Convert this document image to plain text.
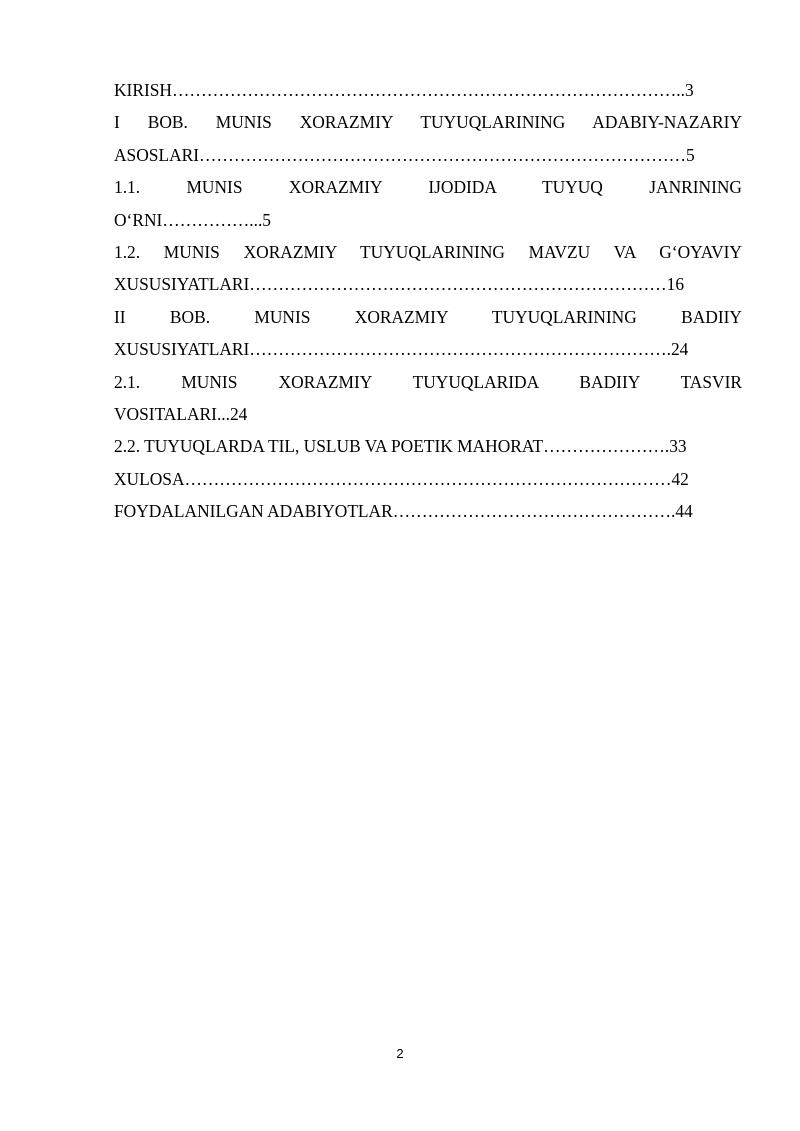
KIRISH……………………………………………………………………………..3
I BOB. MUNIS XORAZMIY TUYUQLARINING ADABIY-NAZARIY
ASOSLARI…………………………………………………………………………5
1.1. MUNIS XORAZMIY IJODIDA TUYUQ JANRINING
O‘RNI……………...5
1.2. MUNIS XORAZMIY TUYUQLARINING MAVZU VA G‘OYAVIY
XUSUSIYATLARI………………………………………………………………16
II BOB. MUNIS XORAZMIY TUYUQLARINING BADIIY
XUSUSIYATLARI……………………………………………………………….24
2.1. MUNIS XORAZMIY TUYUQLARIDA BADIIY TASVIR
VOSITALARI...24
2.2. TUYUQLARDA TIL, USLUB VA POETIK MAHORAT………………….33
XULOSA…………………………………………………………………………42
FOYDALANILGAN ADABIYOTLAR………………………………………….44
2
